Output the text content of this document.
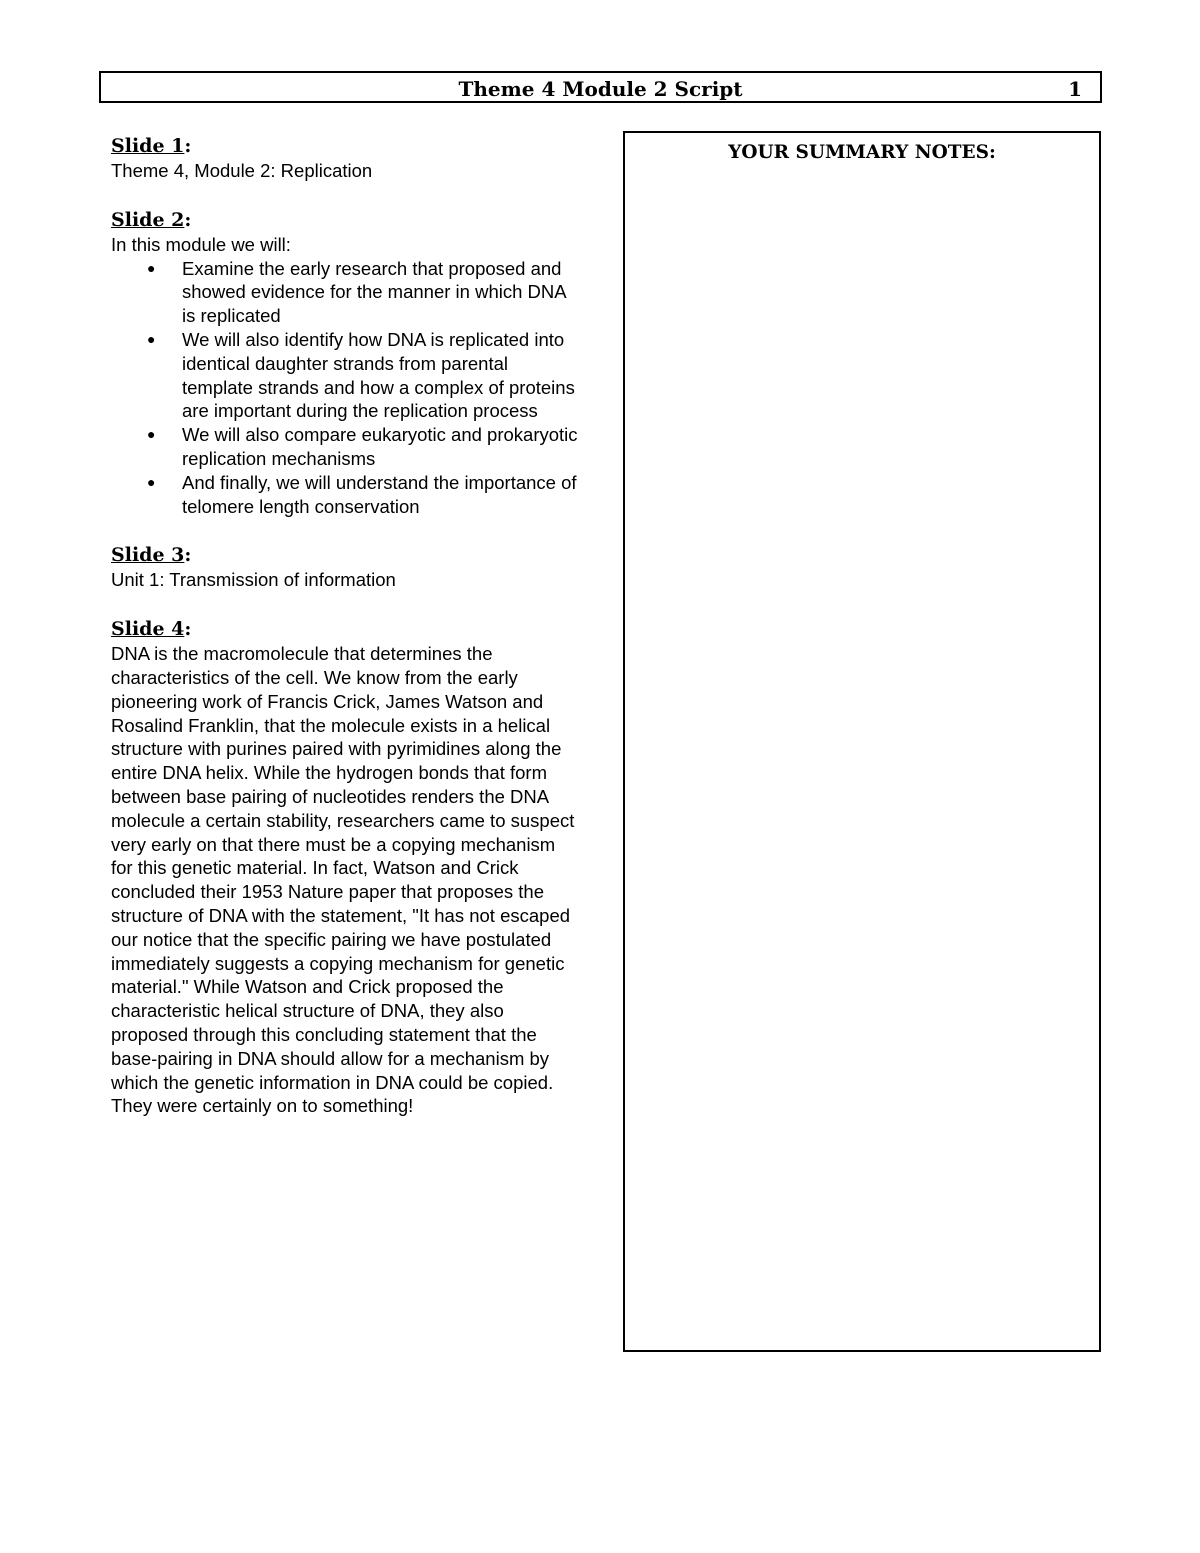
Theme 4 Module 2 Script	1
Slide 1:
Theme 4, Module 2: Replication
Slide 2:
In this module we will:
● Examine the early research that proposed and showed evidence for the manner in which DNA is replicated
● We will also identify how DNA is replicated into identical daughter strands from parental template strands and how a complex of proteins are important during the replication process
● We will also compare eukaryotic and prokaryotic replication mechanisms
● And finally, we will understand the importance of telomere length conservation
Slide 3:
Unit 1: Transmission of information
Slide 4:
DNA is the macromolecule that determines the characteristics of the cell. We know from the early pioneering work of Francis Crick, James Watson and Rosalind Franklin, that the molecule exists in a helical structure with purines paired with pyrimidines along the entire DNA helix. While the hydrogen bonds that form between base pairing of nucleotides renders the DNA molecule a certain stability, researchers came to suspect very early on that there must be a copying mechanism for this genetic material. In fact, Watson and Crick concluded their 1953 Nature paper that proposes the structure of DNA with the statement, "It has not escaped our notice that the specific pairing we have postulated immediately suggests a copying mechanism for genetic material." While Watson and Crick proposed the characteristic helical structure of DNA, they also proposed through this concluding statement that the base-pairing in DNA should allow for a mechanism by which the genetic information in DNA could be copied. They were certainly on to something!
YOUR SUMMARY NOTES:
